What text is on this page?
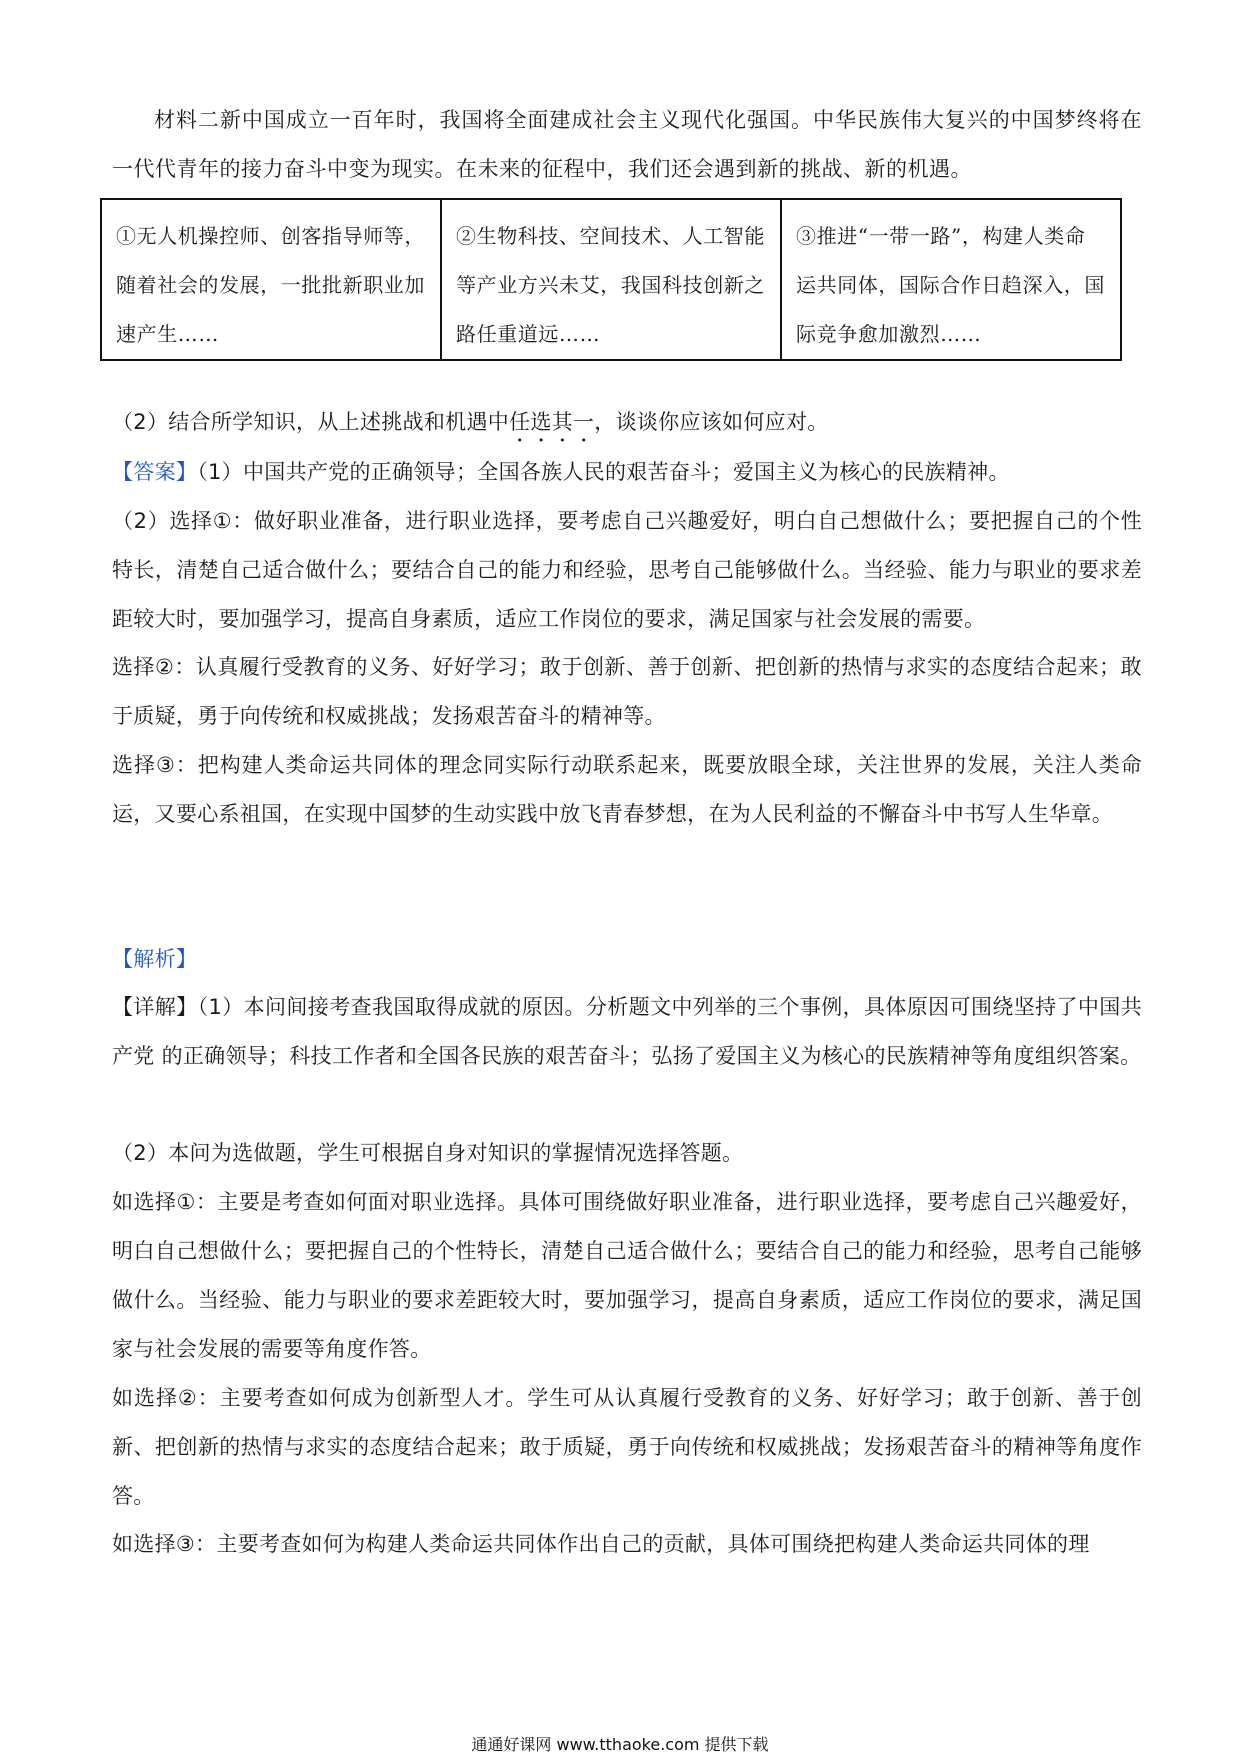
材料二新中国成立一百年时，我国将全面建成社会主义现代化强国。中华民族伟大复兴的中国梦终将在一代代青年的接力奋斗中变为现实。在未来的征程中，我们还会遇到新的挑战、新的机遇。

①无人机操控师、创客指导师等，随着社会的发展，一批批新职业加速产生……	②生物科技、空间技术、人工智能等产业方兴未艾，我国科技创新之路任重道远……	③推进“一带一路”，构建人类命运共同体，国际合作日趋深入，国际竞争愈加激烈……

（2）结合所学知识，从上述挑战和机遇中任选其一，谈谈你应该如何应对。

【答案】（1）中国共产党的正确领导；全国各族人民的艰苦奋斗；爱国主义为核心的民族精神。

（2）选择①：做好职业准备，进行职业选择，要考虑自己兴趣爱好，明白自己想做什么；要把握自己的个性特长，清楚自己适合做什么；要结合自己的能力和经验，思考自己能够做什么。当经验、能力与职业的要求差距较大时，要加强学习，提高自身素质，适应工作岗位的要求，满足国家与社会发展的需要。

选择②：认真履行受教育的义务、好好学习；敢于创新、善于创新、把创新的热情与求实的态度结合起来；敢于质疑，勇于向传统和权威挑战；发扬艰苦奋斗的精神等。

选择③：把构建人类命运共同体的理念同实际行动联系起来，既要放眼全球，关注世界的发展，关注人类命运，又要心系祖国，在实现中国梦的生动实践中放飞青春梦想，在为人民利益的不懈奋斗中书写人生华章。

【解析】

【详解】（1）本问间接考查我国取得成就的原因。分析题文中列举的三个事例，具体原因可围绕坚持了中国共产党 的正确领导；科技工作者和全国各民族的艰苦奋斗；弘扬了爱国主义为核心的民族精神等角度组织答案。

（2）本问为选做题，学生可根据自身对知识的掌握情况选择答题。

如选择①：主要是考查如何面对职业选择。具体可围绕做好职业准备，进行职业选择，要考虑自己兴趣爱好，明白自己想做什么；要把握自己的个性特长，清楚自己适合做什么；要结合自己的能力和经验，思考自己能够做什么。当经验、能力与职业的要求差距较大时，要加强学习，提高自身素质，适应工作岗位的要求，满足国家与社会发展的需要等角度作答。

如选择②：主要考查如何成为创新型人才。学生可从认真履行受教育的义务、好好学习；敢于创新、善于创新、把创新的热情与求实的态度结合起来；敢于质疑，勇于向传统和权威挑战；发扬艰苦奋斗的精神等角度作答。

如选择③：主要考查如何为构建人类命运共同体作出自己的贡献，具体可围绕把构建人类命运共同体的理

通通好课网 www.tthaoke.com 提供下载
